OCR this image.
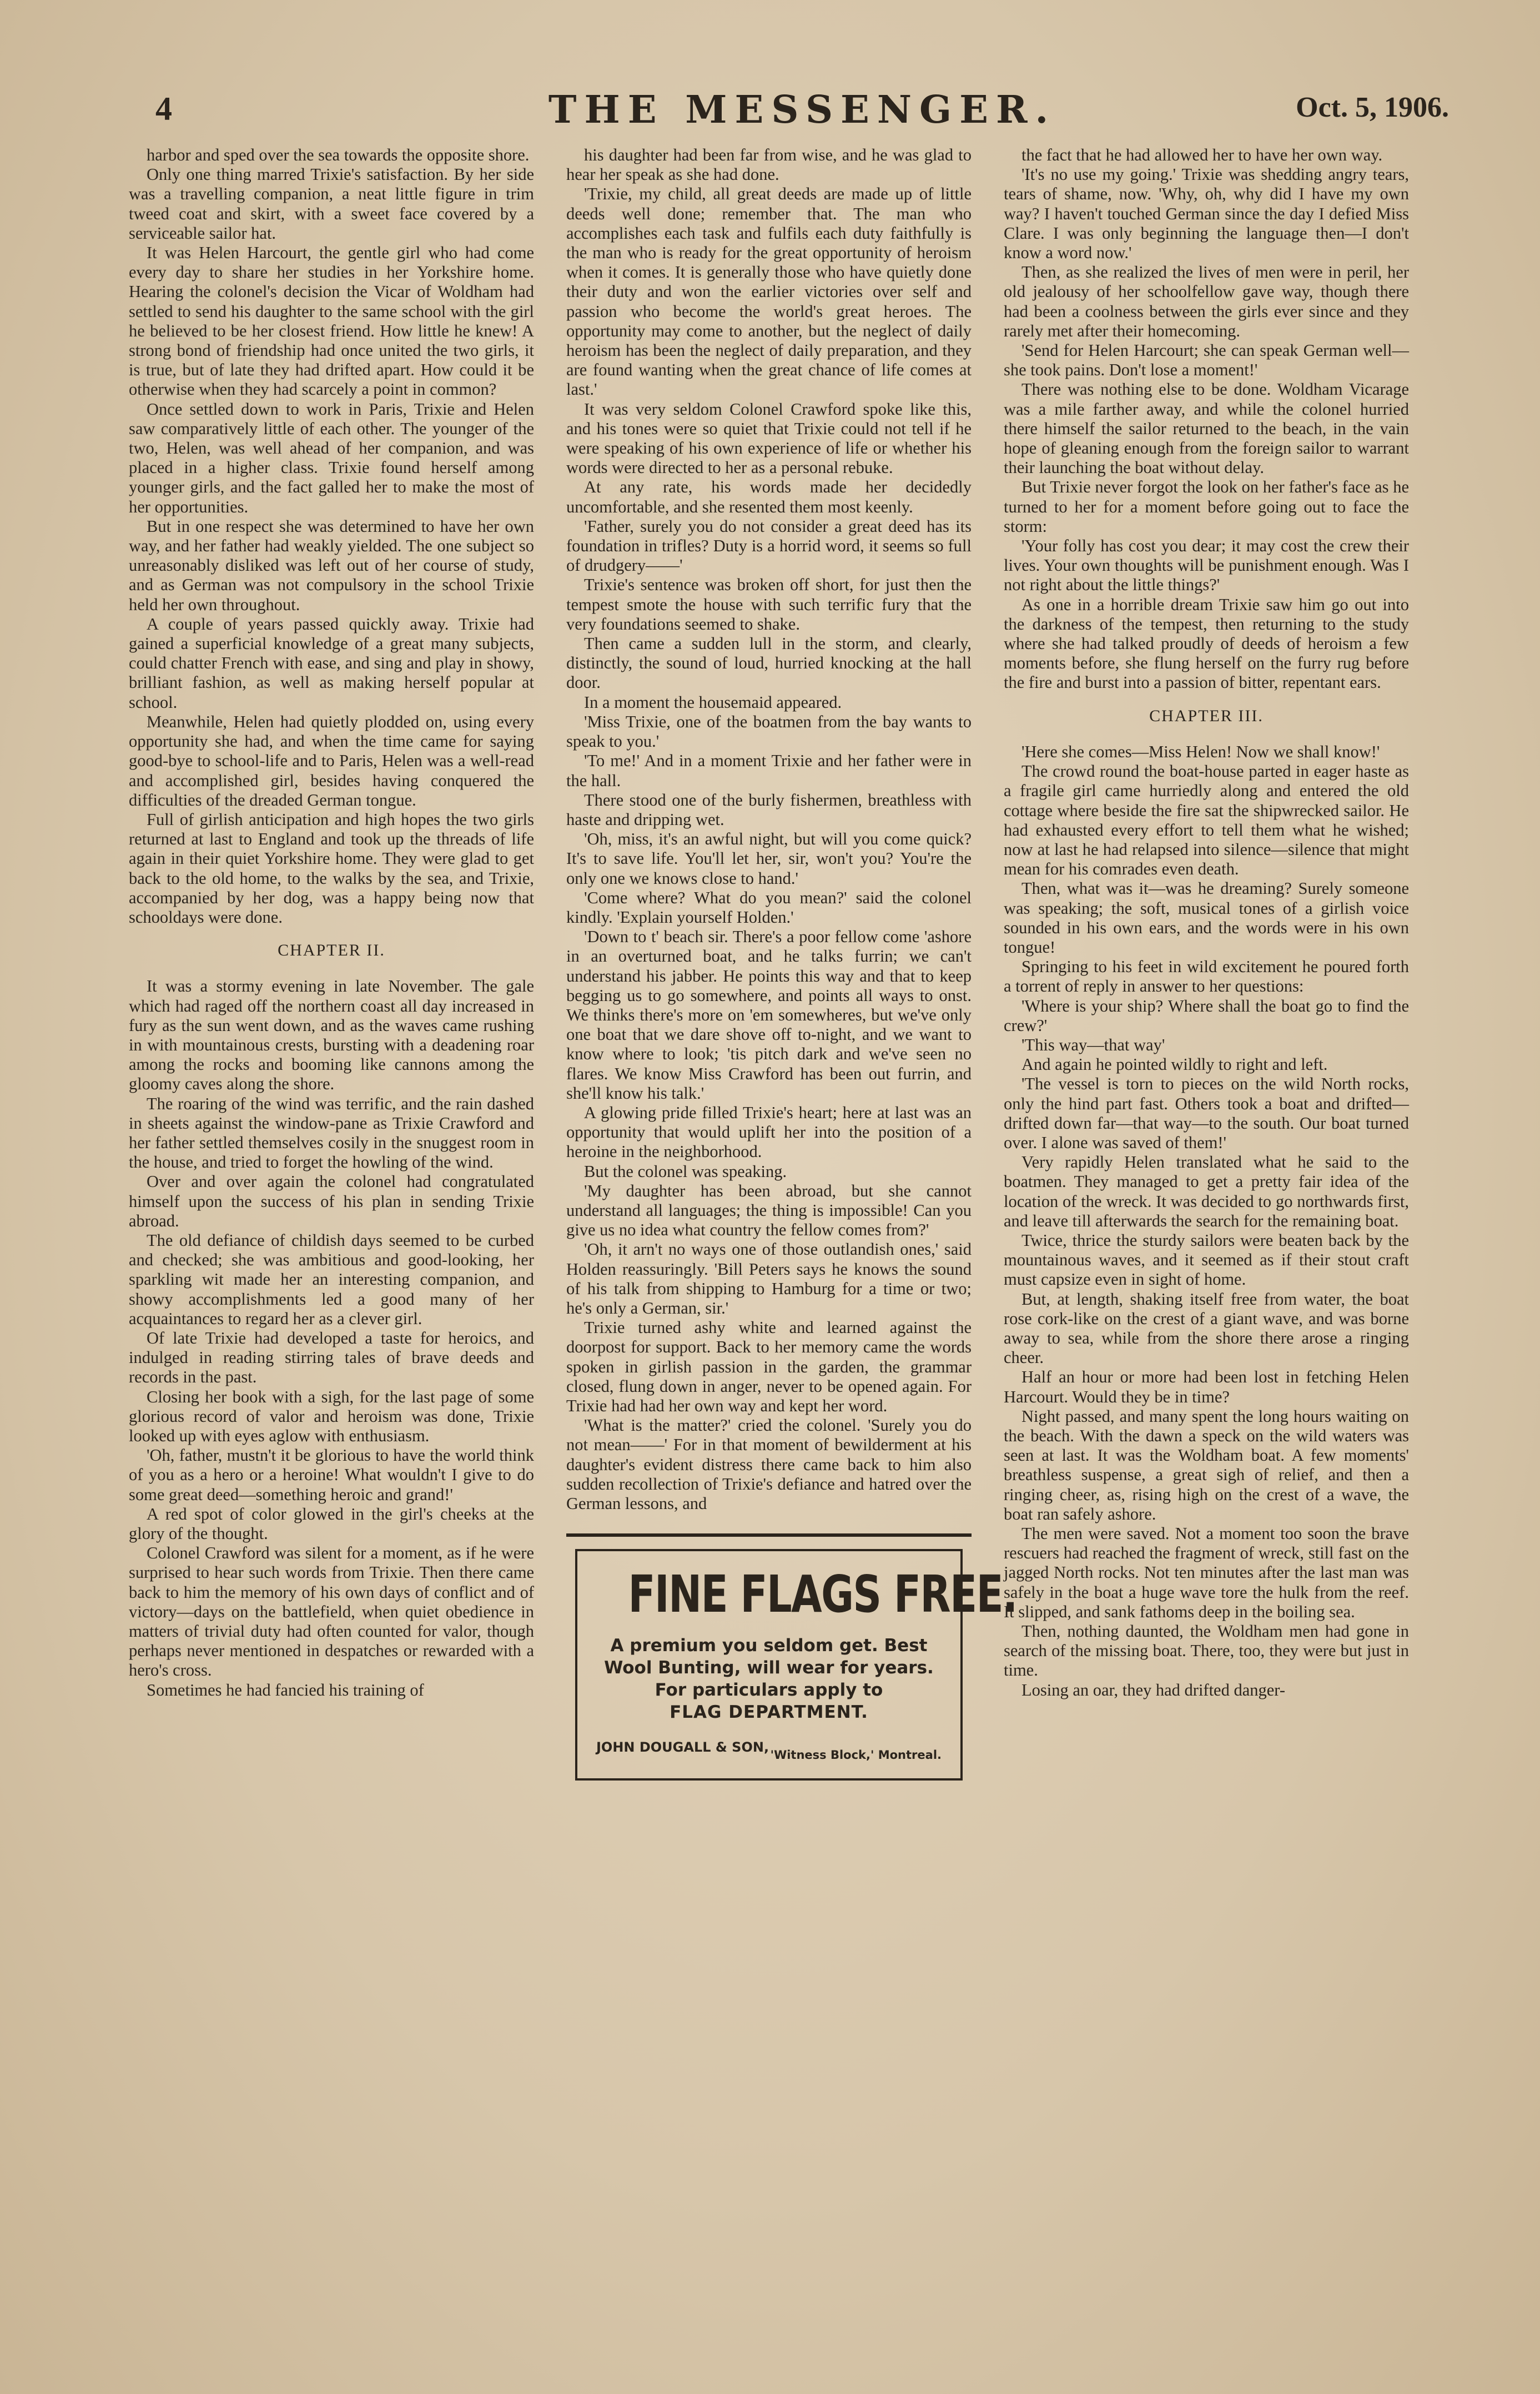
4	THE MESSENGER.	Oct. 5, 1906.

harbor and sped over the sea towards the opposite shore.

Only one thing marred Trixie's satisfaction. By her side was a travelling companion, a neat little figure in trim tweed coat and skirt, with a sweet face covered by a serviceable sailor hat.

It was Helen Harcourt, the gentle girl who had come every day to share her studies in her Yorkshire home. Hearing the colonel's decision the Vicar of Woldham had settled to send his daughter to the same school with the girl he believed to be her closest friend. How little he knew! A strong bond of friendship had once united the two girls, it is true, but of late they had drifted apart. How could it be otherwise when they had scarcely a point in common?

Once settled down to work in Paris, Trixie and Helen saw comparatively little of each other. The younger of the two, Helen, was well ahead of her companion, and was placed in a higher class. Trixie found herself among younger girls, and the fact galled her to make the most of her opportunities.

But in one respect she was determined to have her own way, and her father had weakly yielded. The one subject so unreasonably disliked was left out of her course of study, and as German was not compulsory in the school Trixie held her own throughout.

A couple of years passed quickly away. Trixie had gained a superficial knowledge of a great many subjects, could chatter French with ease, and sing and play in showy, brilliant fashion, as well as making herself popular at school.

Meanwhile, Helen had quietly plodded on, using every opportunity she had, and when the time came for saying good-bye to school-life and to Paris, Helen was a well-read and accomplished girl, besides having conquered the difficulties of the dreaded German tongue.

Full of girlish anticipation and high hopes the two girls returned at last to England and took up the threads of life again in their quiet Yorkshire home. They were glad to get back to the old home, to the walks by the sea, and Trixie, accompanied by her dog, was a happy being now that schooldays were done.

CHAPTER II.

It was a stormy evening in late November. The gale which had raged off the northern coast all day increased in fury as the sun went down, and as the waves came rushing in with mountainous crests, bursting with a deadening roar among the rocks and booming like cannons among the gloomy caves along the shore.

The roaring of the wind was terrific, and the rain dashed in sheets against the window-pane as Trixie Crawford and her father settled themselves cosily in the snuggest room in the house, and tried to forget the howling of the wind.

Over and over again the colonel had congratulated himself upon the success of his plan in sending Trixie abroad.

The old defiance of childish days seemed to be curbed and checked; she was ambitious and good-looking, her sparkling wit made her an interesting companion, and showy accomplishments led a good many of her acquaintances to regard her as a clever girl.

Of late Trixie had developed a taste for heroics, and indulged in reading stirring tales of brave deeds and records in the past.

Closing her book with a sigh, for the last page of some glorious record of valor and heroism was done, Trixie looked up with eyes aglow with enthusiasm.

'Oh, father, mustn't it be glorious to have the world think of you as a hero or a heroine! What wouldn't I give to do some great deed—something heroic and grand!'

A red spot of color glowed in the girl's cheeks at the glory of the thought.

Colonel Crawford was silent for a moment, as if he were surprised to hear such words from Trixie. Then there came back to him the memory of his own days of conflict and of victory—days on the battlefield, when quiet obedience in matters of trivial duty had often counted for valor, though perhaps never mentioned in despatches or rewarded with a hero's cross.

Sometimes he had fancied his training of

his daughter had been far from wise, and he was glad to hear her speak as she had done.

'Trixie, my child, all great deeds are made up of little deeds well done; remember that. The man who accomplishes each task and fulfils each duty faithfully is the man who is ready for the great opportunity of heroism when it comes. It is generally those who have quietly done their duty and won the earlier victories over self and passion who become the world's great heroes. The opportunity may come to another, but the neglect of daily heroism has been the neglect of daily preparation, and they are found wanting when the great chance of life comes at last.'

It was very seldom Colonel Crawford spoke like this, and his tones were so quiet that Trixie could not tell if he were speaking of his own experience of life or whether his words were directed to her as a personal rebuke.

At any rate, his words made her decidedly uncomfortable, and she resented them most keenly.

'Father, surely you do not consider a great deed has its foundation in trifles? Duty is a horrid word, it seems so full of drudgery——'

Trixie's sentence was broken off short, for just then the tempest smote the house with such terrific fury that the very foundations seemed to shake.

Then came a sudden lull in the storm, and clearly, distinctly, the sound of loud, hurried knocking at the hall door.

In a moment the housemaid appeared.

'Miss Trixie, one of the boatmen from the bay wants to speak to you.'

'To me!' And in a moment Trixie and her father were in the hall.

There stood one of the burly fishermen, breathless with haste and dripping wet.

'Oh, miss, it's an awful night, but will you come quick? It's to save life. You'll let her, sir, won't you? You're the only one we knows close to hand.'

'Come where? What do you mean?' said the colonel kindly. 'Explain yourself Holden.'

'Down to t' beach sir. There's a poor fellow come 'ashore in an overturned boat, and he talks furrin; we can't understand his jabber. He points this way and that to keep begging us to go somewhere, and points all ways to onst. We thinks there's more on 'em somewheres, but we've only one boat that we dare shove off to-night, and we want to know where to look; 'tis pitch dark and we've seen no flares. We know Miss Crawford has been out furrin, and she'll know his talk.'

A glowing pride filled Trixie's heart; here at last was an opportunity that would uplift her into the position of a heroine in the neighborhood.

But the colonel was speaking.

'My daughter has been abroad, but she cannot understand all languages; the thing is impossible! Can you give us no idea what country the fellow comes from?'

'Oh, it arn't no ways one of those outlandish ones,' said Holden reassuringly. 'Bill Peters says he knows the sound of his talk from shipping to Hamburg for a time or two; he's only a German, sir.'

Trixie turned ashy white and learned against the doorpost for support. Back to her memory came the words spoken in girlish passion in the garden, the grammar closed, flung down in anger, never to be opened again. For Trixie had had her own way and kept her word.

'What is the matter?' cried the colonel. 'Surely you do not mean——' For in that moment of bewilderment at his daughter's evident distress there came back to him also sudden recollection of Trixie's defiance and hatred over the German lessons, and

FINE FLAGS FREE.
A premium you seldom get. Best
Wool Bunting, will wear for years.
For particulars apply to
FLAG DEPARTMENT.
JOHN DOUGALL & SON, 'Witness Block,' Montreal.

the fact that he had allowed her to have her own way.

'It's no use my going.' Trixie was shedding angry tears, tears of shame, now. 'Why, oh, why did I have my own way? I haven't touched German since the day I defied Miss Clare. I was only beginning the language then—I don't know a word now.'

Then, as she realized the lives of men were in peril, her old jealousy of her schoolfellow gave way, though there had been a coolness between the girls ever since and they rarely met after their homecoming.

'Send for Helen Harcourt; she can speak German well—she took pains. Don't lose a moment!'

There was nothing else to be done. Woldham Vicarage was a mile farther away, and while the colonel hurried there himself the sailor returned to the beach, in the vain hope of gleaning enough from the foreign sailor to warrant their launching the boat without delay.

But Trixie never forgot the look on her father's face as he turned to her for a moment before going out to face the storm:

'Your folly has cost you dear; it may cost the crew their lives. Your own thoughts will be punishment enough. Was I not right about the little things?'

As one in a horrible dream Trixie saw him go out into the darkness of the tempest, then returning to the study where she had talked proudly of deeds of heroism a few moments before, she flung herself on the furry rug before the fire and burst into a passion of bitter, repentant ears.

CHAPTER III.

'Here she comes—Miss Helen! Now we shall know!'

The crowd round the boat-house parted in eager haste as a fragile girl came hurriedly along and entered the old cottage where beside the fire sat the shipwrecked sailor. He had exhausted every effort to tell them what he wished; now at last he had relapsed into silence—silence that might mean for his comrades even death.

Then, what was it—was he dreaming? Surely someone was speaking; the soft, musical tones of a girlish voice sounded in his own ears, and the words were in his own tongue!

Springing to his feet in wild excitement he poured forth a torrent of reply in answer to her questions:

'Where is your ship? Where shall the boat go to find the crew?'

'This way—that way'

And again he pointed wildly to right and left.

'The vessel is torn to pieces on the wild North rocks, only the hind part fast. Others took a boat and drifted—drifted down far—that way—to the south. Our boat turned over. I alone was saved of them!'

Very rapidly Helen translated what he said to the boatmen. They managed to get a pretty fair idea of the location of the wreck. It was decided to go northwards first, and leave till afterwards the search for the remaining boat.

Twice, thrice the sturdy sailors were beaten back by the mountainous waves, and it seemed as if their stout craft must capsize even in sight of home.

But, at length, shaking itself free from water, the boat rose cork-like on the crest of a giant wave, and was borne away to sea, while from the shore there arose a ringing cheer.

Half an hour or more had been lost in fetching Helen Harcourt. Would they be in time?

Night passed, and many spent the long hours waiting on the beach. With the dawn a speck on the wild waters was seen at last. It was the Woldham boat. A few moments' breathless suspense, a great sigh of relief, and then a ringing cheer, as, rising high on the crest of a wave, the boat ran safely ashore.

The men were saved. Not a moment too soon the brave rescuers had reached the fragment of wreck, still fast on the jagged North rocks. Not ten minutes after the last man was safely in the boat a huge wave tore the hulk from the reef. It slipped, and sank fathoms deep in the boiling sea.

Then, nothing daunted, the Woldham men had gone in search of the missing boat. There, too, they were but just in time.

Losing an oar, they had drifted danger-
